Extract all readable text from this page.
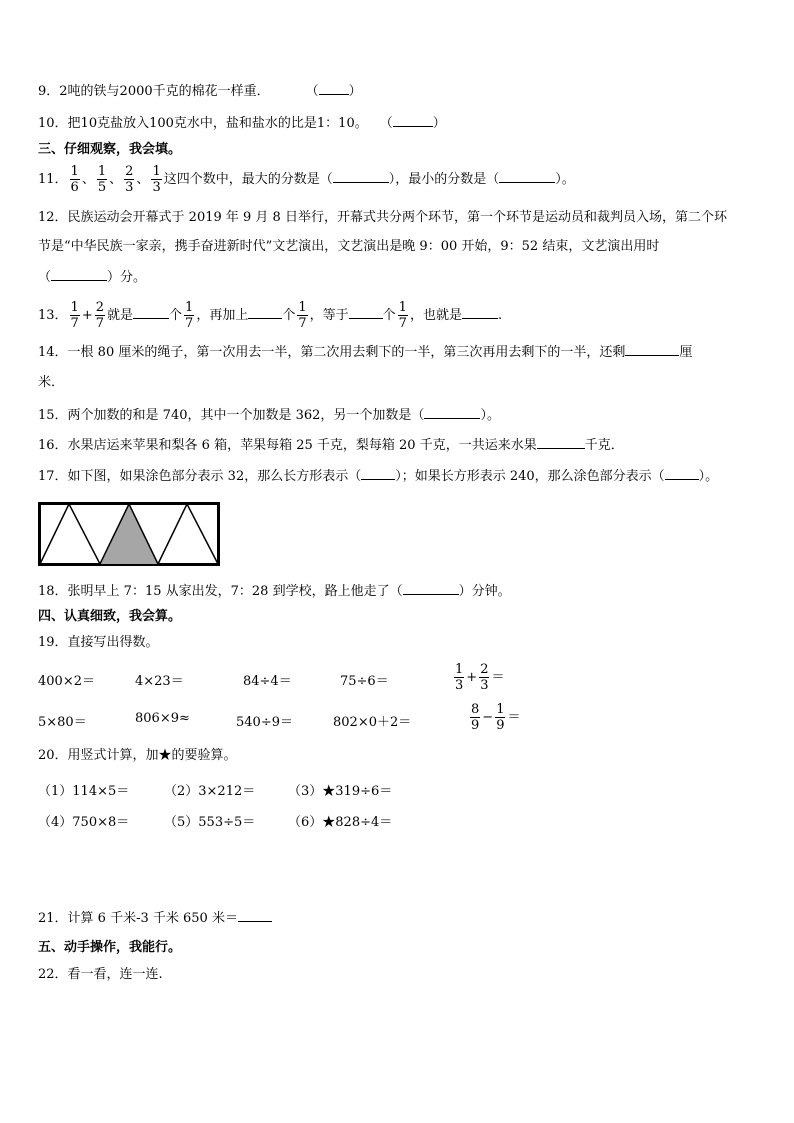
9．2吨的铁与2000千克的棉花一样重．	（ ）
10．把10克盐放入100克水中，盐和盐水的比是1：10。 （	）
三、仔细观察，我会填。
11． $\frac{1}{6}$ 、 $\frac{1}{5}$ 、 $\frac{2}{3}$ 、 $\frac{1}{3}$ 这四个数中，最大的分数是（	），最小的分数是（	）。
12．民族运动会开幕式于 2019 年 9 月 8 日举行，开幕式共分两个环节，第一个环节是运动员和裁判员入场，第二个环
节是“中华民族一家亲，携手奋进新时代”文艺演出，文艺演出是晚 9：00 开始，9：52 结束，文艺演出用时
（	）分。
13． $\frac{1}{7} + \frac{2}{7}$ 就是	个 $\frac{1}{7}$ ，再加上	个 $\frac{1}{7}$ ，等于	个 $\frac{1}{7}$ ，也就是	.
14．一根 80 厘米的绳子，第一次用去一半，第二次用去剩下的一半，第三次再用去剩下的一半，还剩	厘
米．
15．两个加数的和是 740，其中一个加数是 362，另一个加数是（	）。
16．水果店运来苹果和梨各 6 箱，苹果每箱 25 千克，梨每箱 20 千克，一共运来水果	千克．
17．如下图，如果涂色部分表示 32，那么长方形表示（	）；如果长方形表示 240，那么涂色部分表示（	）。
18．张明早上 7：15 从家出发，7：28 到学校，路上他走了（	）分钟。
四、认真细致，我会算。
19．直接写出得数。
400×2＝	4×23＝	84÷4＝	75÷6＝	$\frac{1}{3} + \frac{2}{3}$ ＝
5×80＝	806×9≈	540÷9＝	802×0＋2＝	$\frac{8}{9} - \frac{1}{9}$ ＝
20．用竖式计算，加★的要验算。
（1）114×5＝	（2）3×212＝	（3）★319÷6＝
（4）750×8＝	（5）553÷5＝	（6）★828÷4＝
21．计算 6 千米-3 千米 650 米＝
五、动手操作，我能行。
22．看一看，连一连.
